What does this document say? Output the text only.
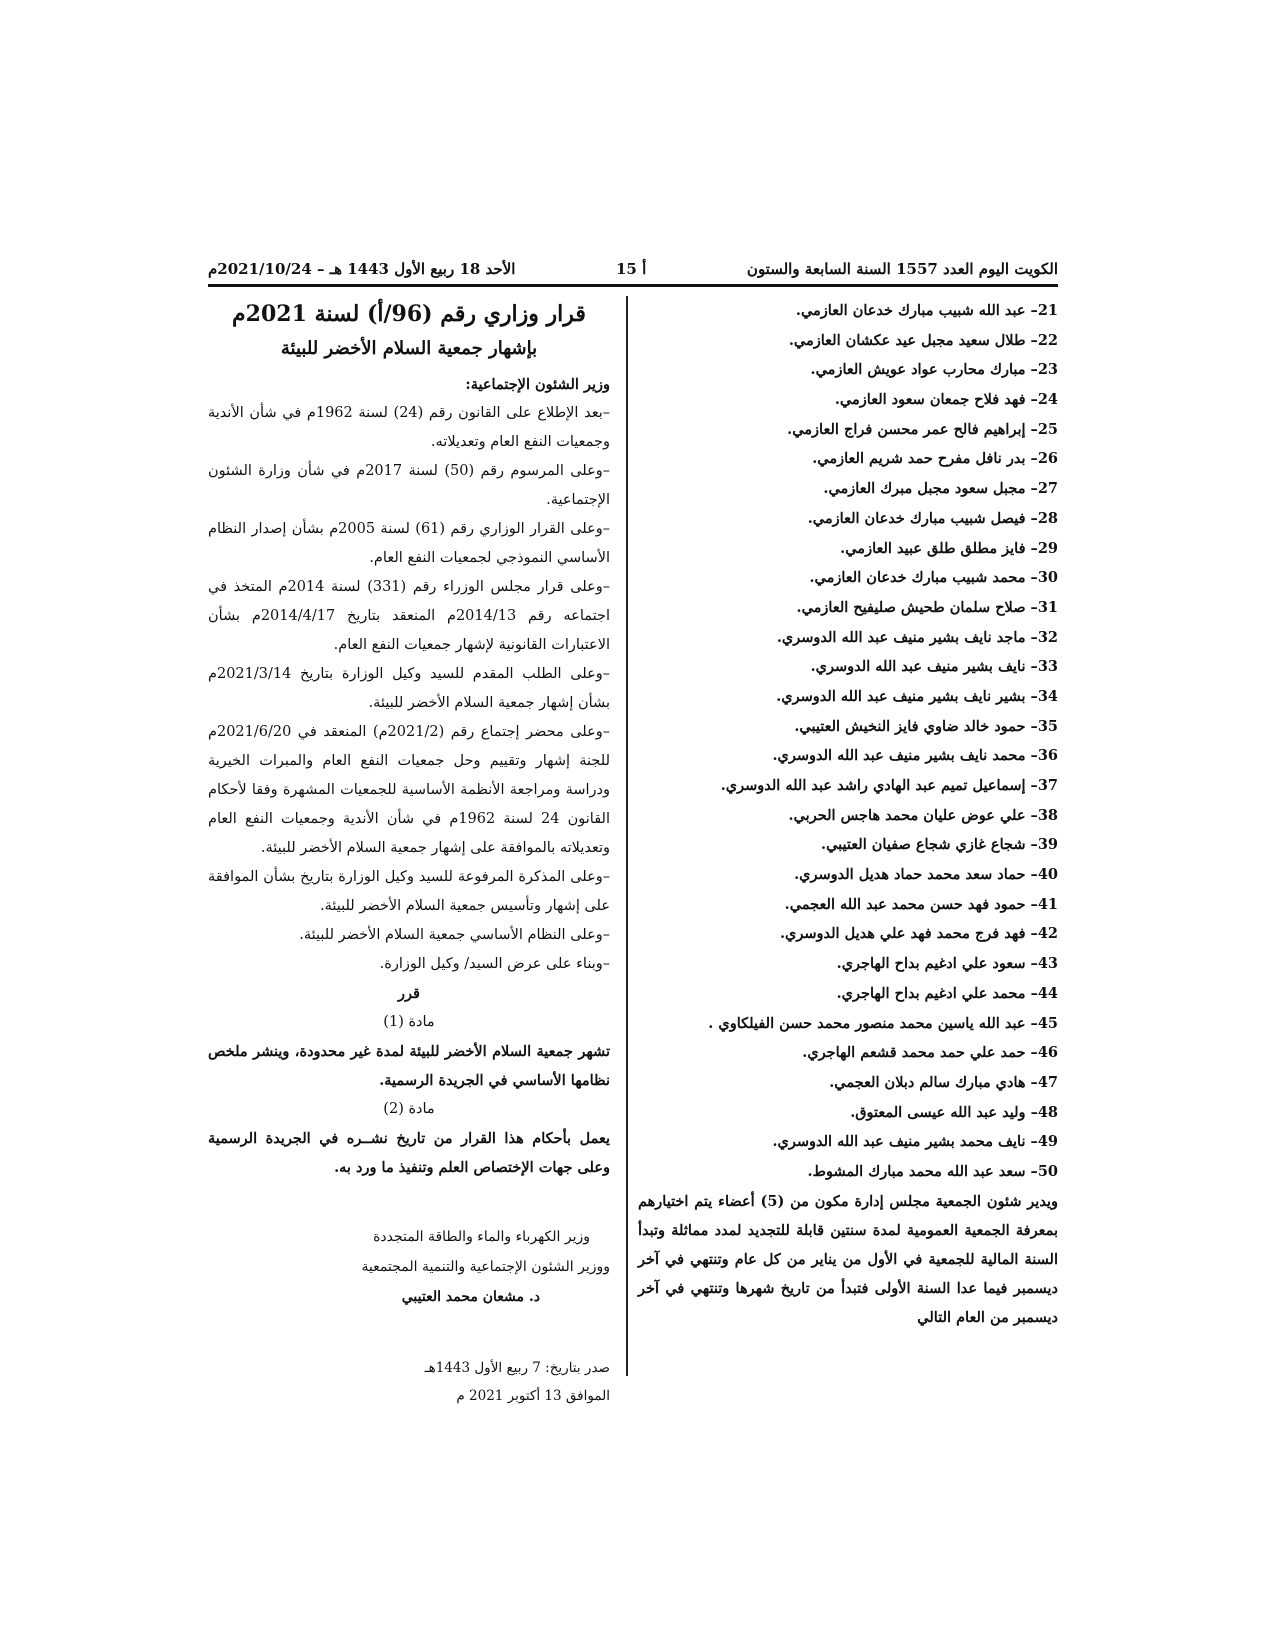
الكويت اليوم العدد 1557 السنة السابعة والستون
أ 15
الأحد 18 ربيع الأول 1443 هـ – 2021/10/24م
21– عبد الله شبيب مبارك خدعان العازمي.
22– طلال سعيد مجبل عيد عكشان العازمي.
23– مبارك محارب عواد عويش العازمي.
24– فهد فلاح جمعان سعود العازمي.
25– إبراهيم فالح عمر محسن فراج العازمي.
26– بدر نافل مفرح حمد شريم العازمي.
27– مجبل سعود مجبل مبرك العازمي.
28– فيصل شبيب مبارك خدعان العازمي.
29– فايز مطلق طلق عبيد العازمي.
30– محمد شبيب مبارك خدعان العازمي.
31– صلاح سلمان طحيش صليفيح العازمي.
32– ماجد نايف بشير منيف عبد الله الدوسري.
33– نايف بشير منيف عبد الله الدوسري.
34– بشير نايف بشير منيف عبد الله الدوسري.
35– حمود خالد ضاوي فايز النخيش العتيبي.
36– محمد نايف بشير منيف عبد الله الدوسري.
37– إسماعيل تميم عبد الهادي راشد عبد الله الدوسري.
38– علي عوض عليان محمد هاجس الحربي.
39– شجاع غازي شجاع صفيان العتيبي.
40– حماد سعد محمد حماد هديل الدوسري.
41– حمود فهد حسن محمد عبد الله العجمي.
42– فهد فرج محمد فهد علي هديل الدوسري.
43– سعود علي ادغيم بداح الهاجري.
44– محمد علي ادغيم بداح الهاجري.
45– عبد الله ياسين محمد منصور محمد حسن الفيلكاوي .
46– حمد علي حمد محمد قشعم الهاجري.
47– هادي مبارك سالم دبلان العجمي.
48– وليد عبد الله عيسى المعتوق.
49– نايف محمد بشير منيف عبد الله الدوسري.
50– سعد عبد الله محمد مبارك المشوط.
ويدير شئون الجمعية مجلس إدارة مكون من (5) أعضاء يتم اختيارهم بمعرفة الجمعية العمومية لمدة سنتين قابلة للتجديد لمدد مماثلة وتبدأ السنة المالية للجمعية في الأول من يناير من كل عام وتنتهي في آخر ديسمبر فيما عدا السنة الأولى فتبدأ من تاريخ شهرها وتنتهي في آخر ديسمبر من العام التالي
قرار وزاري رقم (96/أ) لسنة 2021م
بإشهار جمعية السلام الأخضر للبيئة
وزير الشئون الإجتماعية:
–بعد الإطلاع على القانون رقم (24) لسنة 1962م في شأن الأندية وجمعيات النفع العام وتعديلاته.
–وعلى المرسوم رقم (50) لسنة 2017م في شأن وزارة الشئون الإجتماعية.
–وعلى القرار الوزاري رقم (61) لسنة 2005م بشأن إصدار النظام الأساسي النموذجي لجمعيات النفع العام.
–وعلى قرار مجلس الوزراء رقم (331) لسنة 2014م المتخذ في اجتماعه رقم 2014/13م المنعقد بتاريخ 2014/4/17م بشأن الاعتبارات القانونية لإشهار جمعيات النفع العام.
–وعلى الطلب المقدم للسيد وكيل الوزارة بتاريخ 2021/3/14م بشأن إشهار جمعية السلام الأخضر للبيئة.
–وعلى محضر إجتماع رقم (2021/2م) المنعقد في 2021/6/20م للجنة إشهار وتقييم وحل جمعيات النفع العام والمبرات الخيرية ودراسة ومراجعة الأنظمة الأساسية للجمعيات المشهرة وفقا لأحكام القانون 24 لسنة 1962م في شأن الأندية وجمعيات النفع العام وتعديلاته بالموافقة على إشهار جمعية السلام الأخضر للبيئة.
–وعلى المذكرة المرفوعة للسيد وكيل الوزارة بتاريخ بشأن الموافقة على إشهار وتأسيس جمعية السلام الأخضر للبيئة.
–وعلى النظام الأساسي جمعية السلام الأخضر للبيئة.
–وبناء على عرض السيد/ وكيل الوزارة.
قرر
مادة (1)
تشهر جمعية السلام الأخضر للبيئة لمدة غير محدودة، وينشر ملخص نظامها الأساسي في الجريدة الرسمية.
مادة (2)
يعمل بأحكام هذا القرار من تاريخ نشــره في الجريدة الرسمية وعلى جهات الإختصاص العلم وتنفيذ ما ورد به.
وزير الكهرباء والماء والطاقة المتجددة
ووزير الشئون الإجتماعية والتنمية المجتمعية
د. مشعان محمد العتيبي
صدر بتاريخ: 7 ربيع الأول 1443هـ
الموافق 13 أكتوبر 2021 م
